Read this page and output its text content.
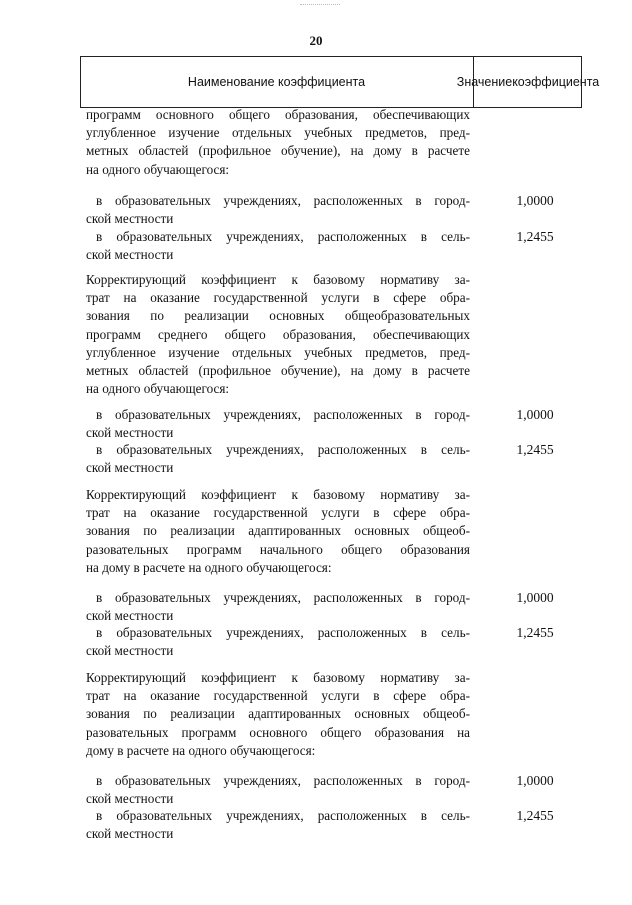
20
Наименование коэффициента	Значение коэффициента
программ основного общего образования, обеспечивающих
углубленное изучение отдельных учебных предметов, пред-
метных областей (профильное обучение), на дому в расчете
на одного обучающегося:
в образовательных учреждениях, расположенных в город-
ской местности
1,0000
в образовательных учреждениях, расположенных в сель-
ской местности
1,2455
Корректирующий коэффициент к базовому нормативу за-
трат на оказание государственной услуги в сфере обра-
зования по реализации основных общеобразовательных
программ среднего общего образования, обеспечивающих
углубленное изучение отдельных учебных предметов, пред-
метных областей (профильное обучение), на дому в расчете
на одного обучающегося:
в образовательных учреждениях, расположенных в город-
ской местности
1,0000
в образовательных учреждениях, расположенных в сель-
ской местности
1,2455
Корректирующий коэффициент к базовому нормативу за-
трат на оказание государственной услуги в сфере обра-
зования по реализации адаптированных основных общеоб-
разовательных программ начального общего образования
на дому в расчете на одного обучающегося:
в образовательных учреждениях, расположенных в город-
ской местности
1,0000
в образовательных учреждениях, расположенных в сель-
ской местности
1,2455
Корректирующий коэффициент к базовому нормативу за-
трат на оказание государственной услуги в сфере обра-
зования по реализации адаптированных основных общеоб-
разовательных программ основного общего образования на
дому в расчете на одного обучающегося:
в образовательных учреждениях, расположенных в город-
ской местности
1,0000
в образовательных учреждениях, расположенных в сель-
ской местности
1,2455
